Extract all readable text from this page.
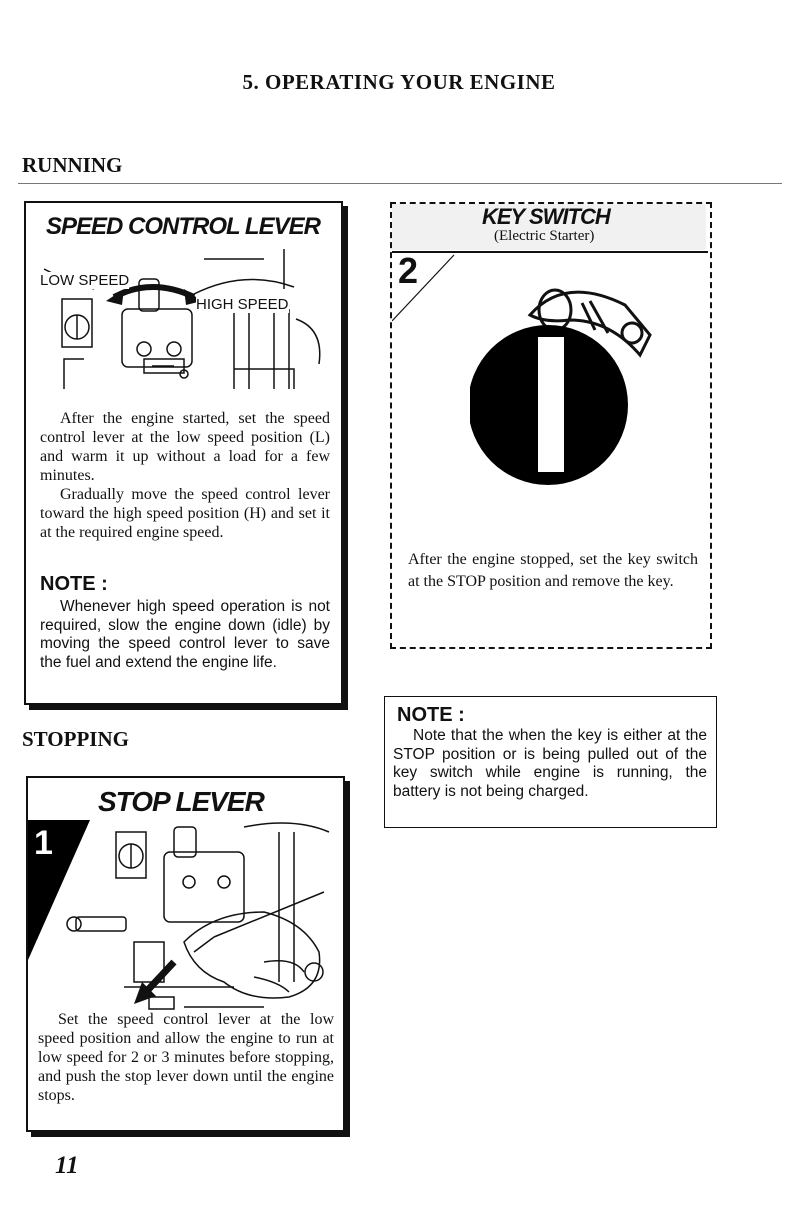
5. OPERATING YOUR ENGINE
RUNNING
SPEED CONTROL LEVER
LOW SPEED
HIGH SPEED

After the engine started, set the speed control lever at the low speed position (L) and warm it up without a load for a few minutes.

Gradually move the speed control lever toward the high speed position (H) and set it at the required engine speed.

NOTE :
Whenever high speed operation is not required, slow the engine down (idle) by moving the speed control lever to save the fuel and extend the engine life.
KEY SWITCH
(Electric Starter)
2
After the engine stopped, set the key switch at the STOP position and remove the key.
NOTE :
Note that the when the key is either at the STOP position or is being pulled out of the key switch while engine is running, the battery is not being charged.
STOPPING
STOP LEVER
1
Set the speed control lever at the low speed position and allow the engine to run at low speed for 2 or 3 minutes before stopping, and push the stop lever down until the engine stops.
11
